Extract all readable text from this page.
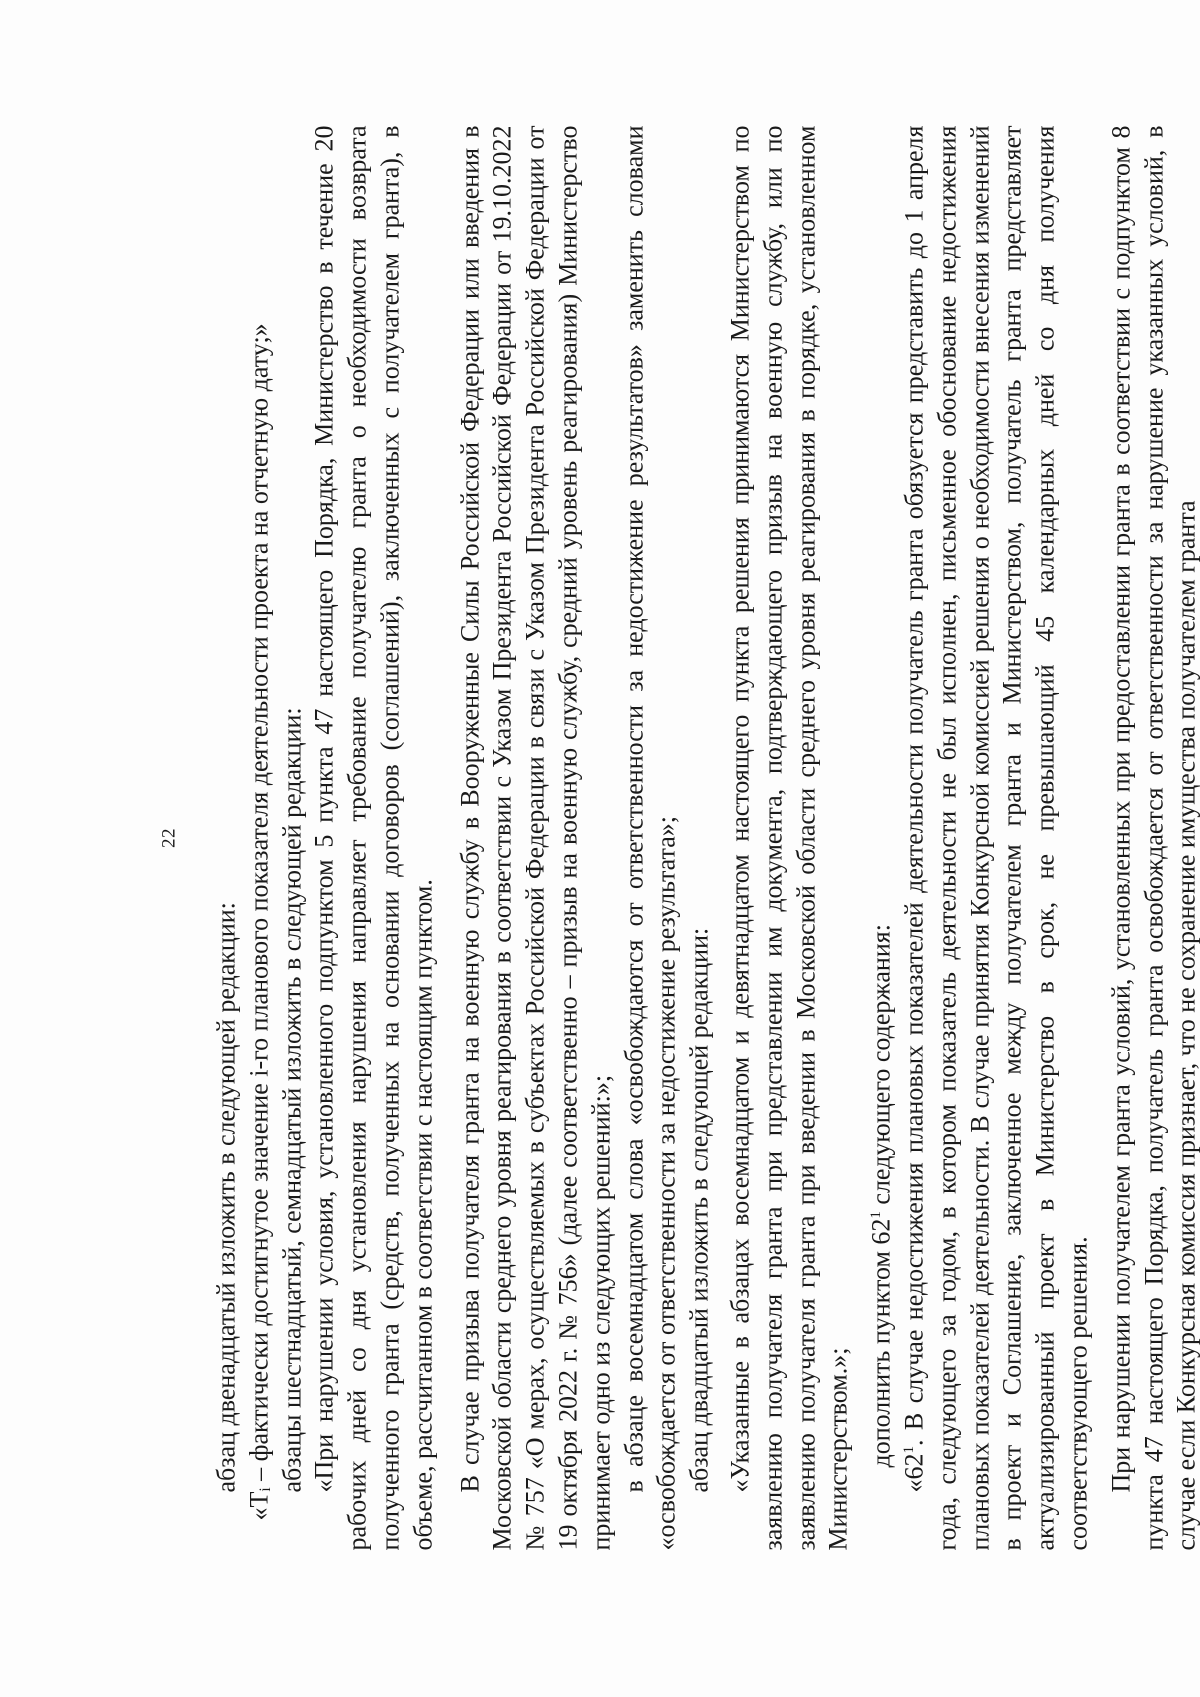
22

абзац двенадцатый изложить в следующей редакции: «Tᵢ – фактически достигнутое значение i-го планового показателя деятельности проекта на отчетную дату;» абзацы шестнадцатый, семнадцатый изложить в следующей редакции: «При нарушении условия, установленного подпунктом 5 пункта 47 настоящего Порядка, Министерство в течение 20 рабочих дней со дня установления нарушения направляет требование получателю гранта о необходимости возврата полученного гранта (средств, полученных на основании договоров (соглашений), заключенных с получателем гранта), в объеме, рассчитанном в соответствии с настоящим пунктом. В случае призыва получателя гранта на военную службу в Вооруженные Силы Российской Федерации или введения в Московской области среднего уровня реагирования в соответствии с Указом Президента Российской Федерации от 19.10.2022 № 757 «О мерах, осуществляемых в субъектах Российской Федерации в связи с Указом Президента Российской Федерации от 19 октября 2022 г. № 756» (далее соответственно – призыв на военную службу, средний уровень реагирования) Министерство принимает одно из следующих решений:»; в абзаце восемнадцатом слова «освобождаются от ответственности за недостижение результатов» заменить словами «освобождается от ответственности за недостижение результата»; абзац двадцатый изложить в следующей редакции: «Указанные в абзацах восемнадцатом и девятнадцатом настоящего пункта решения принимаются Министерством по заявлению получателя гранта при представлении им документа, подтверждающего призыв на военную службу, или по заявлению получателя гранта при введении в Московской области среднего уровня реагирования в порядке, установленном Министерством.»; дополнить пунктом $62^1$ следующего содержания:

«$62^1$. В случае недостижения плановых показателей деятельности получатель гранта обязуется представить до 1 апреля года, следующего за годом, в котором показатель деятельности не был исполнен, письменное обоснование недостижения плановых показателей деятельности. В случае принятия Конкурсной комиссией решения о необходимости внесения изменений в проект и Соглашение, заключенное между получателем гранта и Министерством, получатель гранта представляет актуализированный проект в Министерство в срок, не превышающий 45 календарных дней со дня получения соответствующего решения. При нарушении получателем гранта условий, установленных при предоставлении гранта в соответствии с подпунктом 8 пункта 47 настоящего Порядка, получатель гранта освобождается от ответственности за нарушение указанных условий, в случае если Конкурсная комиссия признает, что не сохранение имущества получателем гранта
